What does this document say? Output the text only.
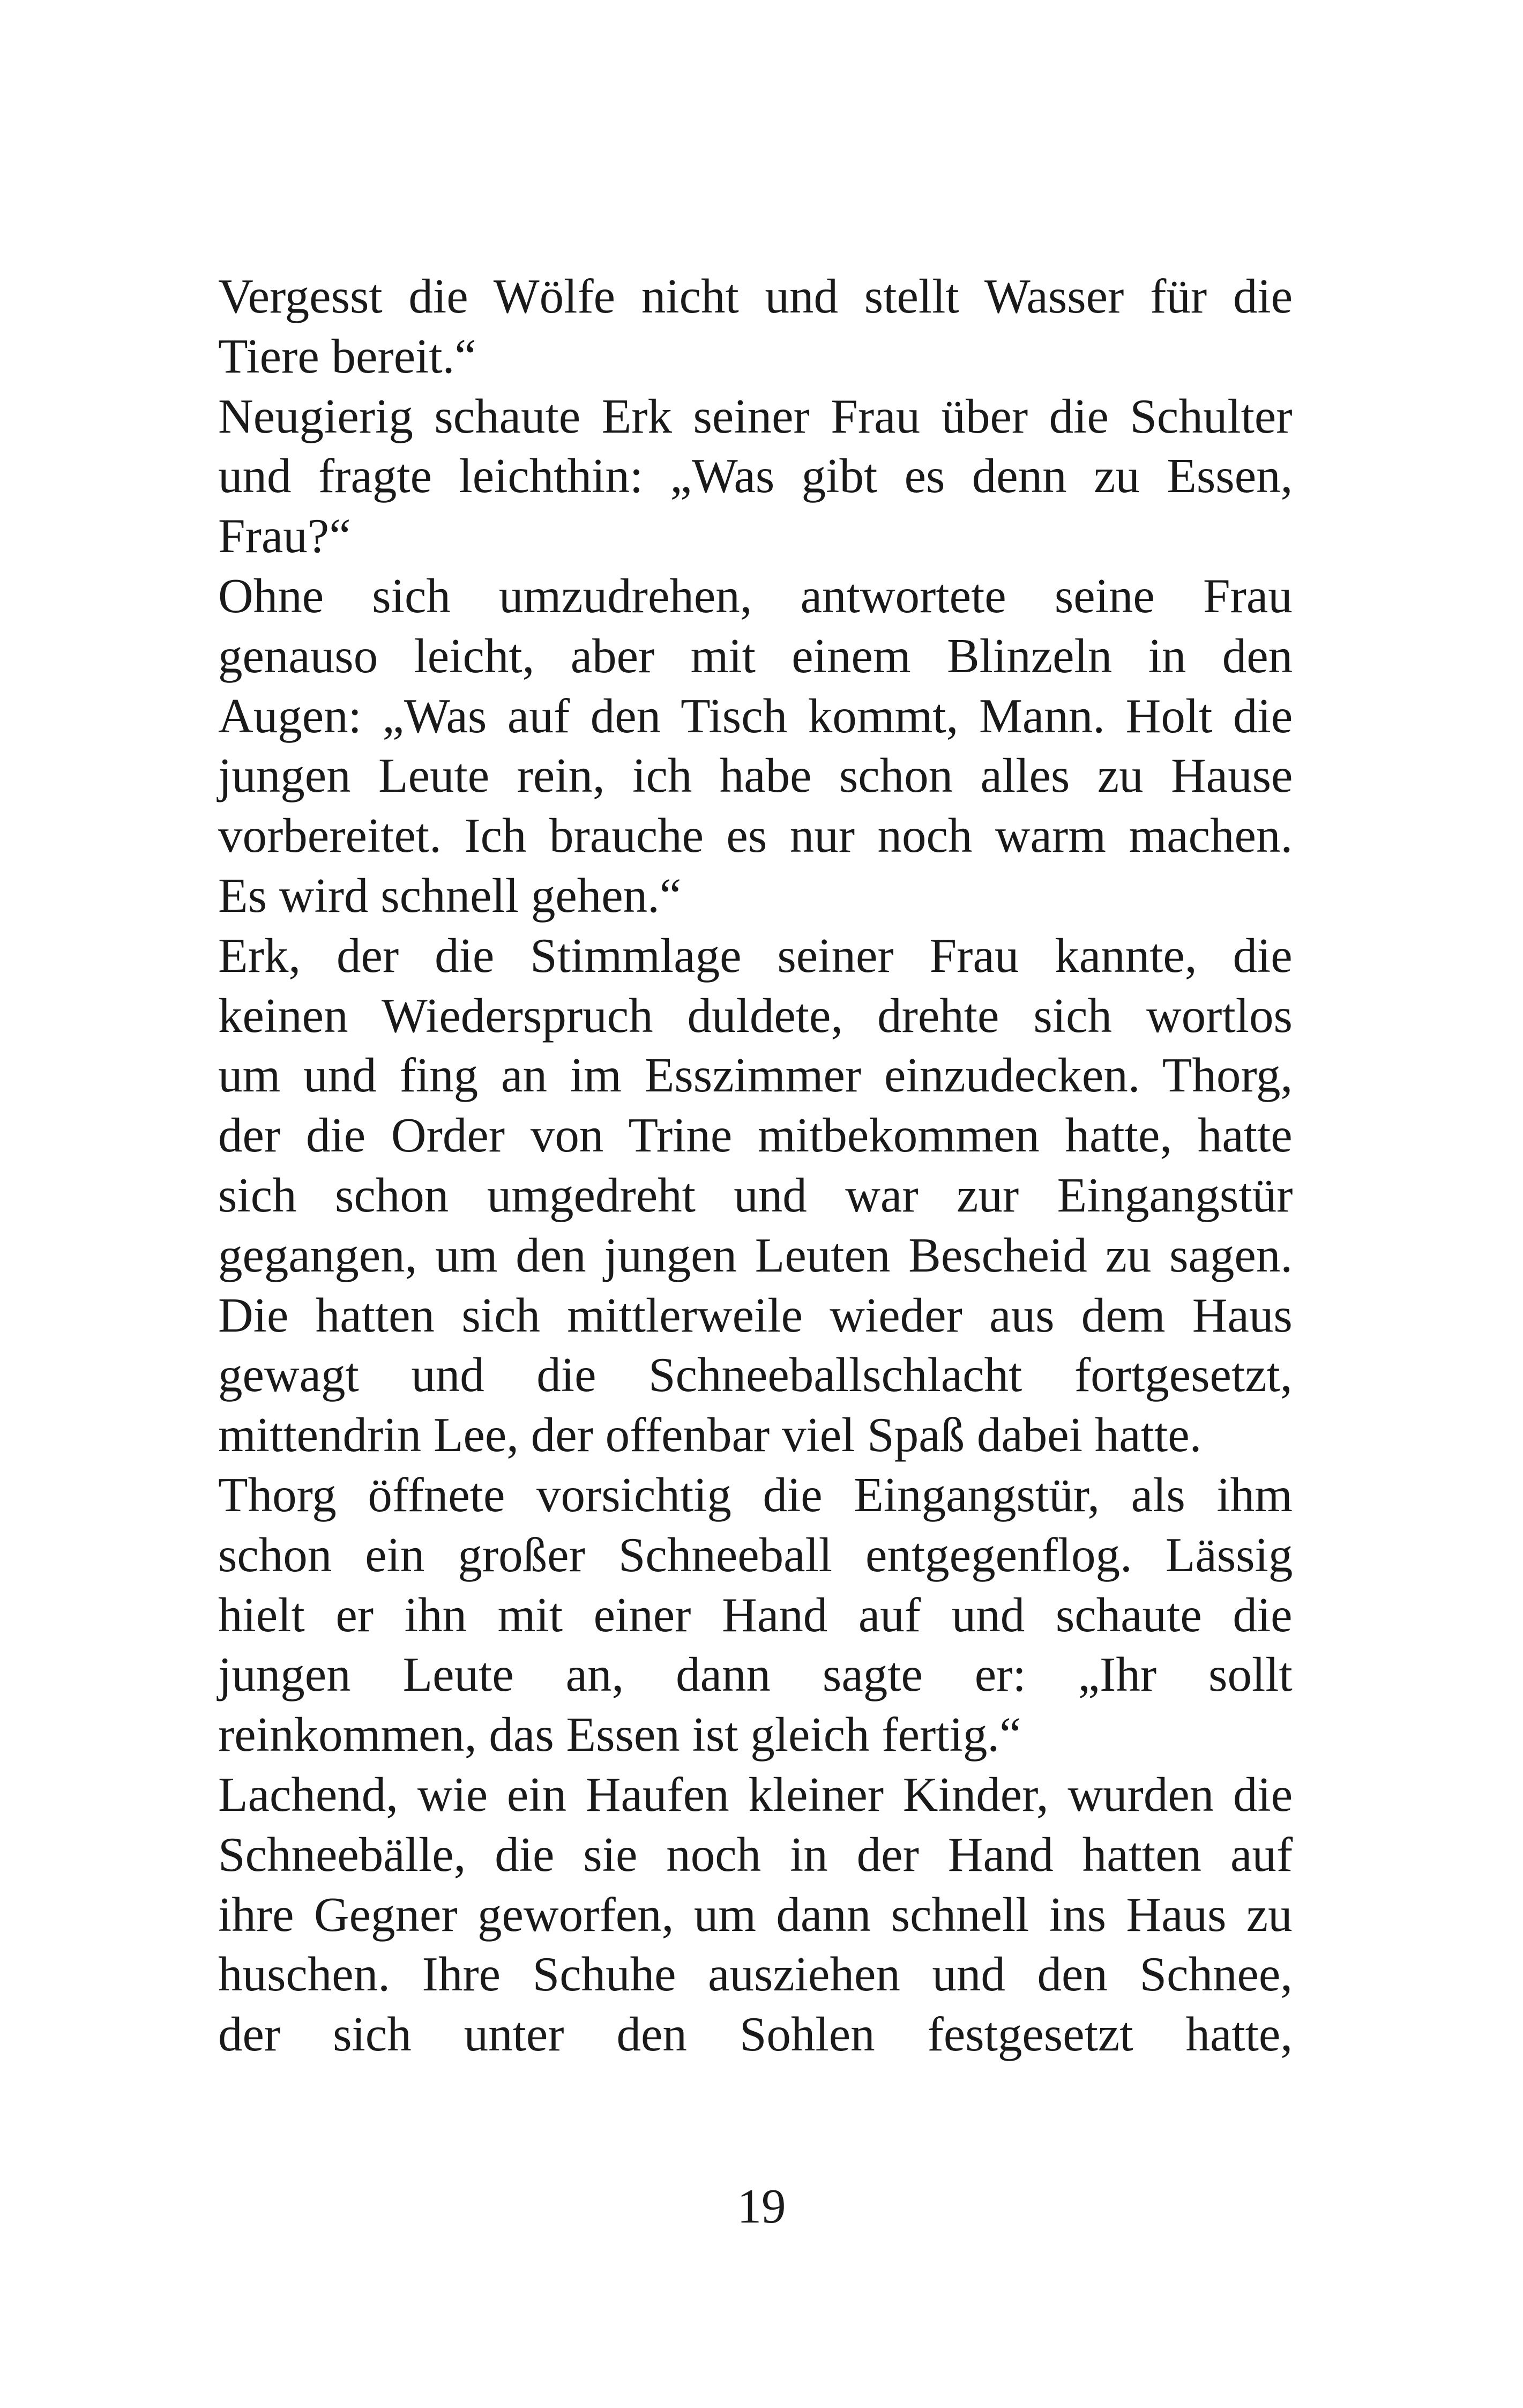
Vergesst die Wölfe nicht und stellt Wasser für die
Tiere bereit.“
Neugierig schaute Erk seiner Frau über die Schulter
und fragte leichthin: „Was gibt es denn zu Essen,
Frau?“
Ohne sich umzudrehen, antwortete seine Frau
genauso leicht, aber mit einem Blinzeln in den
Augen: „Was auf den Tisch kommt, Mann. Holt die
jungen Leute rein, ich habe schon alles zu Hause
vorbereitet. Ich brauche es nur noch warm machen.
Es wird schnell gehen.“
Erk, der die Stimmlage seiner Frau kannte, die
keinen Wiederspruch duldete, drehte sich wortlos
um und fing an im Esszimmer einzudecken. Thorg,
der die Order von Trine mitbekommen hatte, hatte
sich schon umgedreht und war zur Eingangstür
gegangen, um den jungen Leuten Bescheid zu sagen.
Die hatten sich mittlerweile wieder aus dem Haus
gewagt und die Schneeballschlacht fortgesetzt,
mittendrin Lee, der offenbar viel Spaß dabei hatte.
Thorg öffnete vorsichtig die Eingangstür, als ihm
schon ein großer Schneeball entgegenflog. Lässig
hielt er ihn mit einer Hand auf und schaute die
jungen Leute an, dann sagte er: „Ihr sollt
reinkommen, das Essen ist gleich fertig.“
Lachend, wie ein Haufen kleiner Kinder, wurden die
Schneebälle, die sie noch in der Hand hatten auf
ihre Gegner geworfen, um dann schnell ins Haus zu
huschen. Ihre Schuhe ausziehen und den Schnee,
der sich unter den Sohlen festgesetzt hatte,
19
